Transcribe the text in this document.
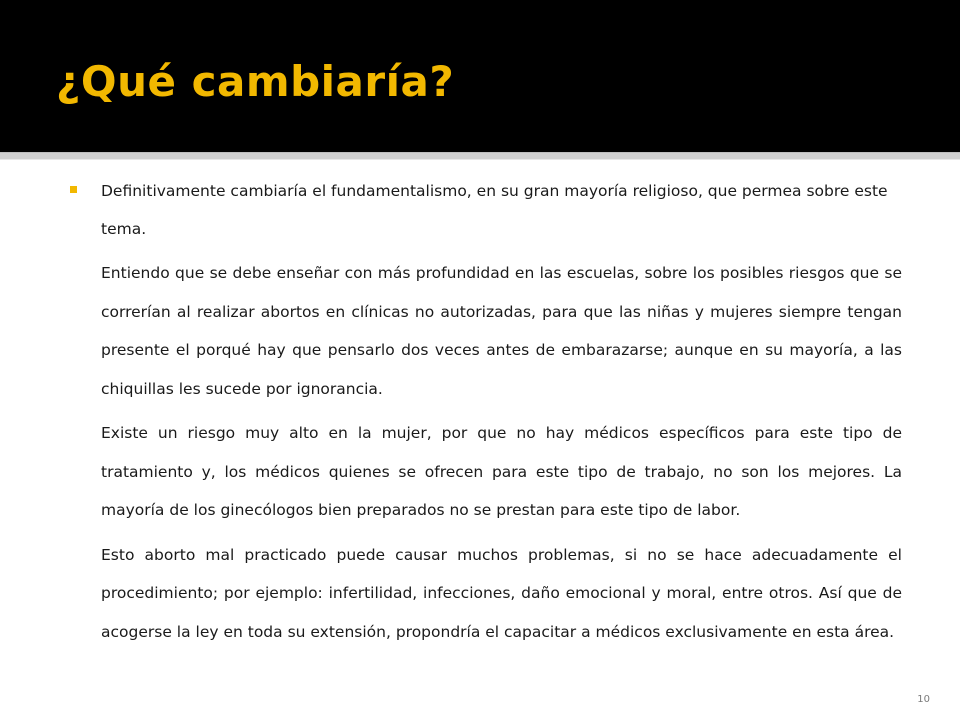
¿Qué cambiaría?

Definitivamente cambiaría el fundamentalismo, en su gran mayoría religioso, que permea sobre este tema.

Entiendo que se debe enseñar con más profundidad en las escuelas, sobre los posibles riesgos que se correrían al realizar abortos en clínicas no autorizadas, para que las niñas y mujeres siempre tengan presente el porqué hay que pensarlo dos veces antes de embarazarse; aunque en su mayoría, a las chiquillas les sucede por ignorancia.

Existe un riesgo muy alto en la mujer, por que no hay médicos específicos para este tipo de tratamiento y, los médicos quienes se ofrecen para este tipo de trabajo, no son los mejores. La mayoría de los ginecólogos bien preparados no se prestan para este tipo de labor.

Esto aborto mal practicado puede causar muchos problemas, si no se hace adecuadamente el procedimiento; por ejemplo: infertilidad, infecciones, daño emocional y moral, entre otros. Así que de acogerse la ley en toda su extensión, propondría el capacitar a médicos exclusivamente en esta área.

10
